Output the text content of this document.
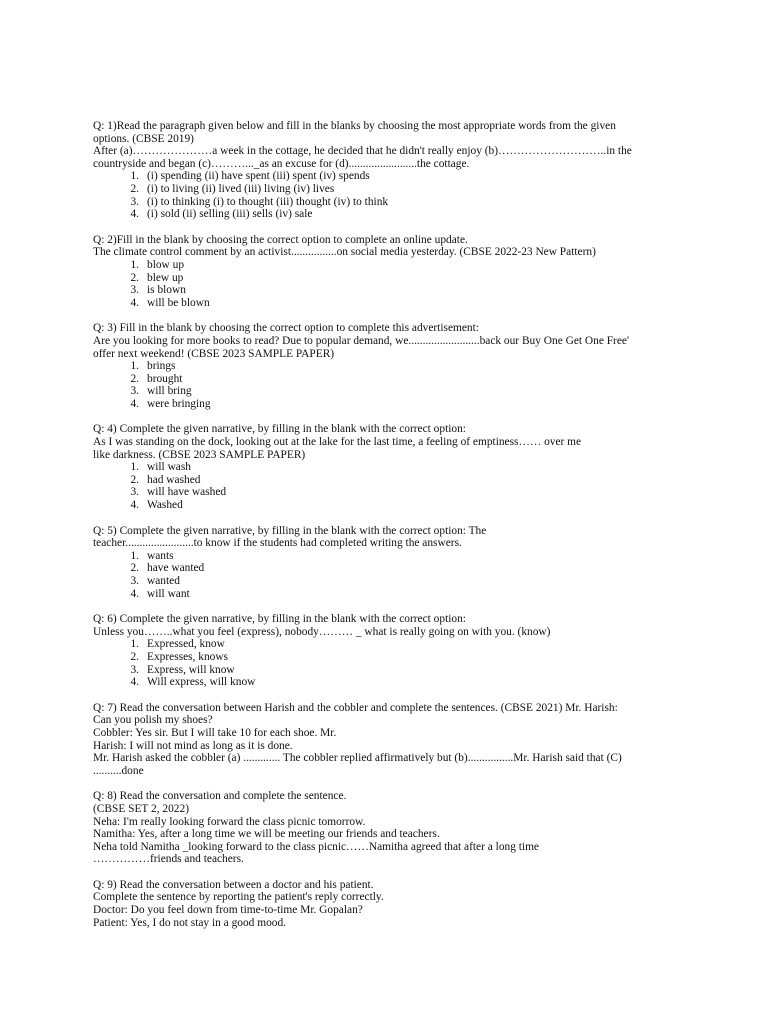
Q: 1)Read the paragraph given below and fill in the blanks by choosing the most appropriate words from the given
options. (CBSE 2019)
After (a)…………………a week in the cottage, he decided that he didn't really enjoy (b)………………………..in the
countryside and began (c)………..._as an excuse for (d)........................the cottage.
1. (i) spending (ii) have spent (iii) spent (iv) spends
2. (i) to living (ii) lived (iii) living (iv) lives
3. (i) to thinking (i) to thought (iii) thought (iv) to think
4. (i) sold (ii) selling (iii) sells (iv) sale
Q: 2)Fill in the blank by choosing the correct option to complete an online update.
The climate control comment by an activist................on social media yesterday. (CBSE 2022-23 New Pattern)
1. blow up
2. blew up
3. is blown
4. will be blown
Q: 3) Fill in the blank by choosing the correct option to complete this advertisement:
Are you looking for more books to read? Due to popular demand, we.........................back our Buy One Get One Free'
offer next weekend! (CBSE 2023 SAMPLE PAPER)
1. brings
2. brought
3. will bring
4. were bringing
Q: 4) Complete the given narrative, by filling in the blank with the correct option:
As I was standing on the dock, looking out at the lake for the last time, a feeling of emptiness…… over me
like darkness. (CBSE 2023 SAMPLE PAPER)
1. will wash
2. had washed
3. will have washed
4. Washed
Q: 5) Complete the given narrative, by filling in the blank with the correct option: The
teacher........................to know if the students had completed writing the answers.
1. wants
2. have wanted
3. wanted
4. will want
Q: 6) Complete the given narrative, by filling in the blank with the correct option:
Unless you……..what you feel (express), nobody……… _ what is really going on with you. (know)
1. Expressed, know
2. Expresses, knows
3. Express, will know
4. Will express, will know
Q: 7) Read the conversation between Harish and the cobbler and complete the sentences. (CBSE 2021) Mr. Harish:
Can you polish my shoes?
Cobbler: Yes sir. But I will take 10 for each shoe. Mr.
Harish: I will not mind as long as it is done.
Mr. Harish asked the cobbler (a) ............. The cobbler replied affirmatively but (b)................Mr. Harish said that (C)
..........done
Q: 8) Read the conversation and complete the sentence.
(CBSE SET 2, 2022)
Neha: I'm really looking forward the class picnic tomorrow.
Namitha: Yes, after a long time we will be meeting our friends and teachers.
Neha told Namitha _looking forward to the class picnic……Namitha agreed that after a long time
……………friends and teachers.
Q: 9) Read the conversation between a doctor and his patient.
Complete the sentence by reporting the patient's reply correctly.
Doctor: Do you feel down from time-to-time Mr. Gopalan?
Patient: Yes, I do not stay in a good mood.
